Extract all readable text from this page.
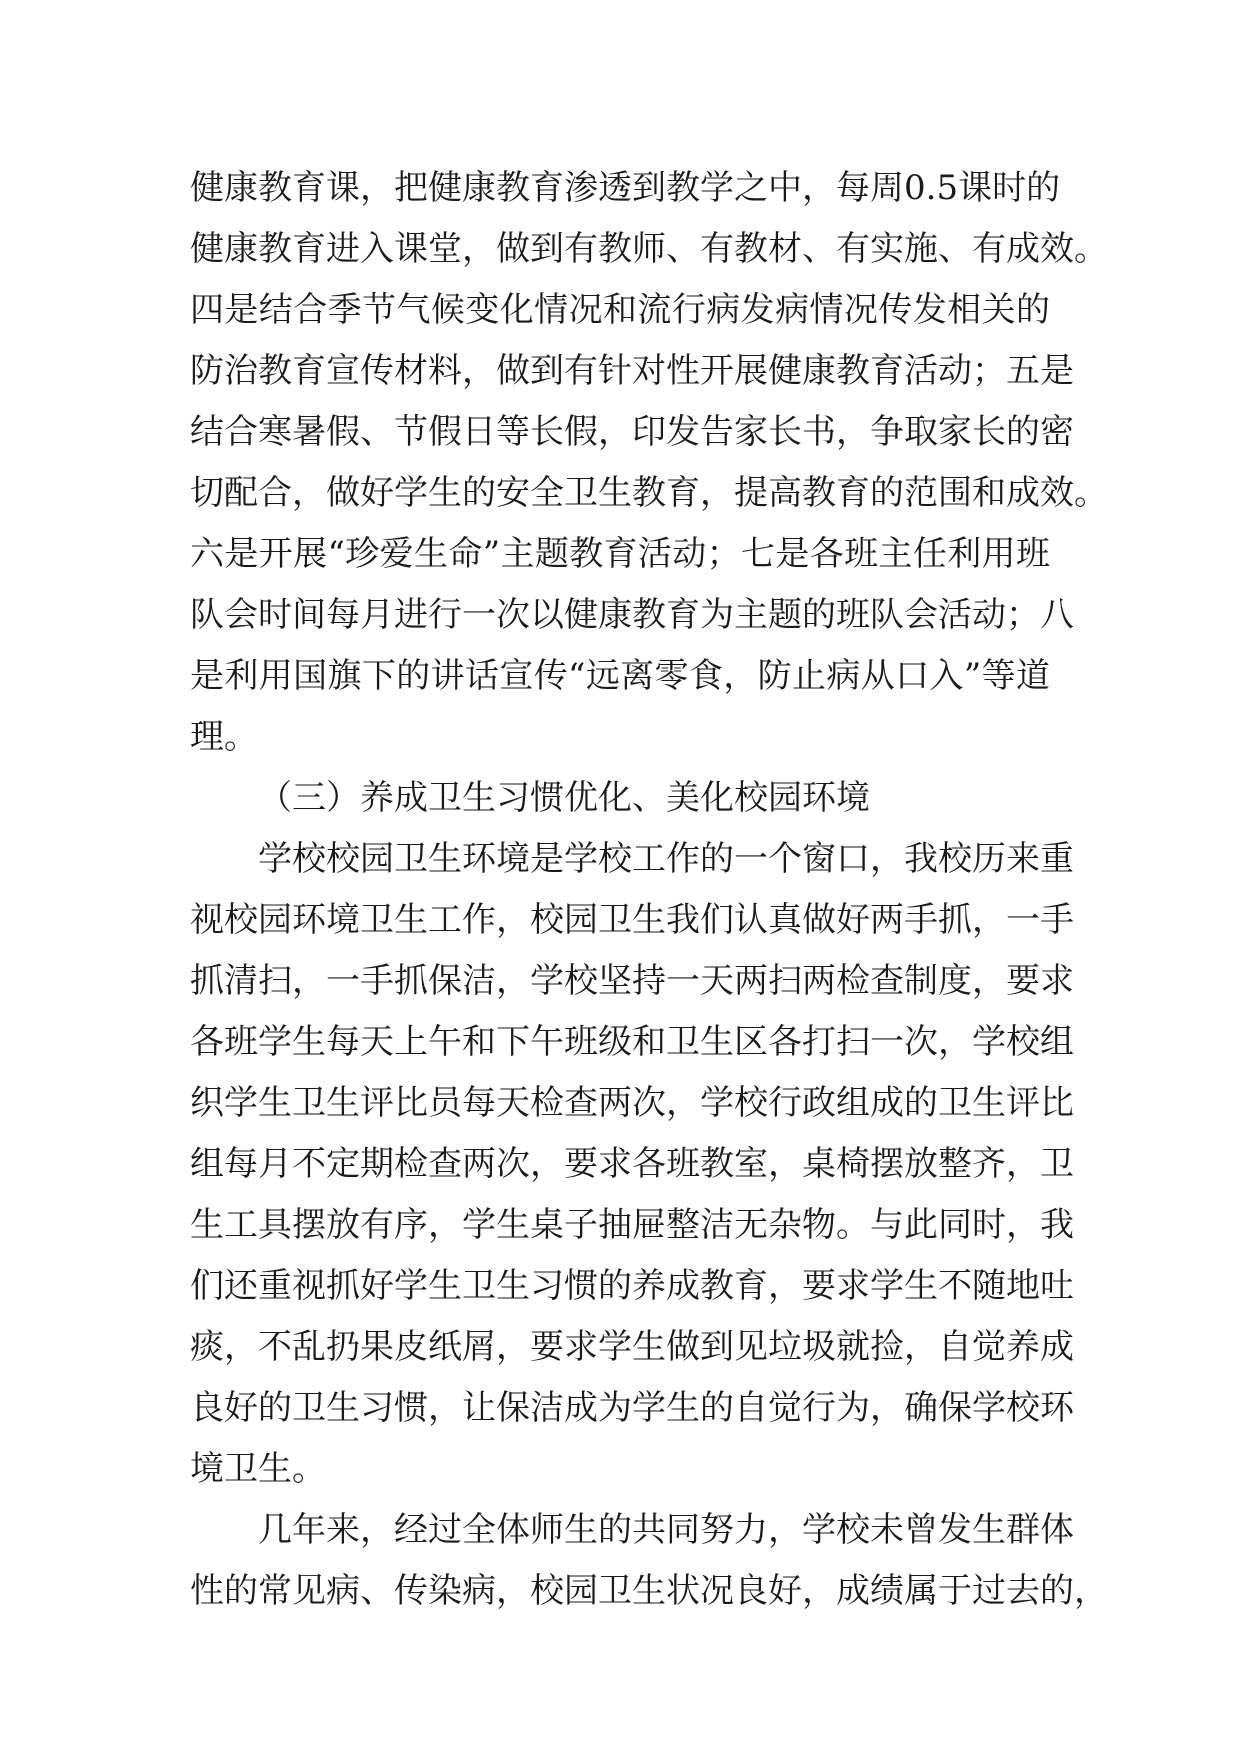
健康教育课，把健康教育渗透到教学之中，每周0.5课时的
健康教育进入课堂，做到有教师、有教材、有实施、有成效。
四是结合季节气候变化情况和流行病发病情况传发相关的
防治教育宣传材料，做到有针对性开展健康教育活动；五是
结合寒暑假、节假日等长假，印发告家长书，争取家长的密
切配合，做好学生的安全卫生教育，提高教育的范围和成效。
六是开展“珍爱生命”主题教育活动；七是各班主任利用班
队会时间每月进行一次以健康教育为主题的班队会活动；八
是利用国旗下的讲话宣传“远离零食，防止病从口入”等道
理。
（三）养成卫生习惯优化、美化校园环境
学校校园卫生环境是学校工作的一个窗口，我校历来重
视校园环境卫生工作，校园卫生我们认真做好两手抓，一手
抓清扫，一手抓保洁，学校坚持一天两扫两检查制度，要求
各班学生每天上午和下午班级和卫生区各打扫一次，学校组
织学生卫生评比员每天检查两次，学校行政组成的卫生评比
组每月不定期检查两次，要求各班教室，桌椅摆放整齐，卫
生工具摆放有序，学生桌子抽屉整洁无杂物。与此同时，我
们还重视抓好学生卫生习惯的养成教育，要求学生不随地吐
痰，不乱扔果皮纸屑，要求学生做到见垃圾就捡，自觉养成
良好的卫生习惯，让保洁成为学生的自觉行为，确保学校环
境卫生。
几年来，经过全体师生的共同努力，学校未曾发生群体
性的常见病、传染病，校园卫生状况良好，成绩属于过去的，
